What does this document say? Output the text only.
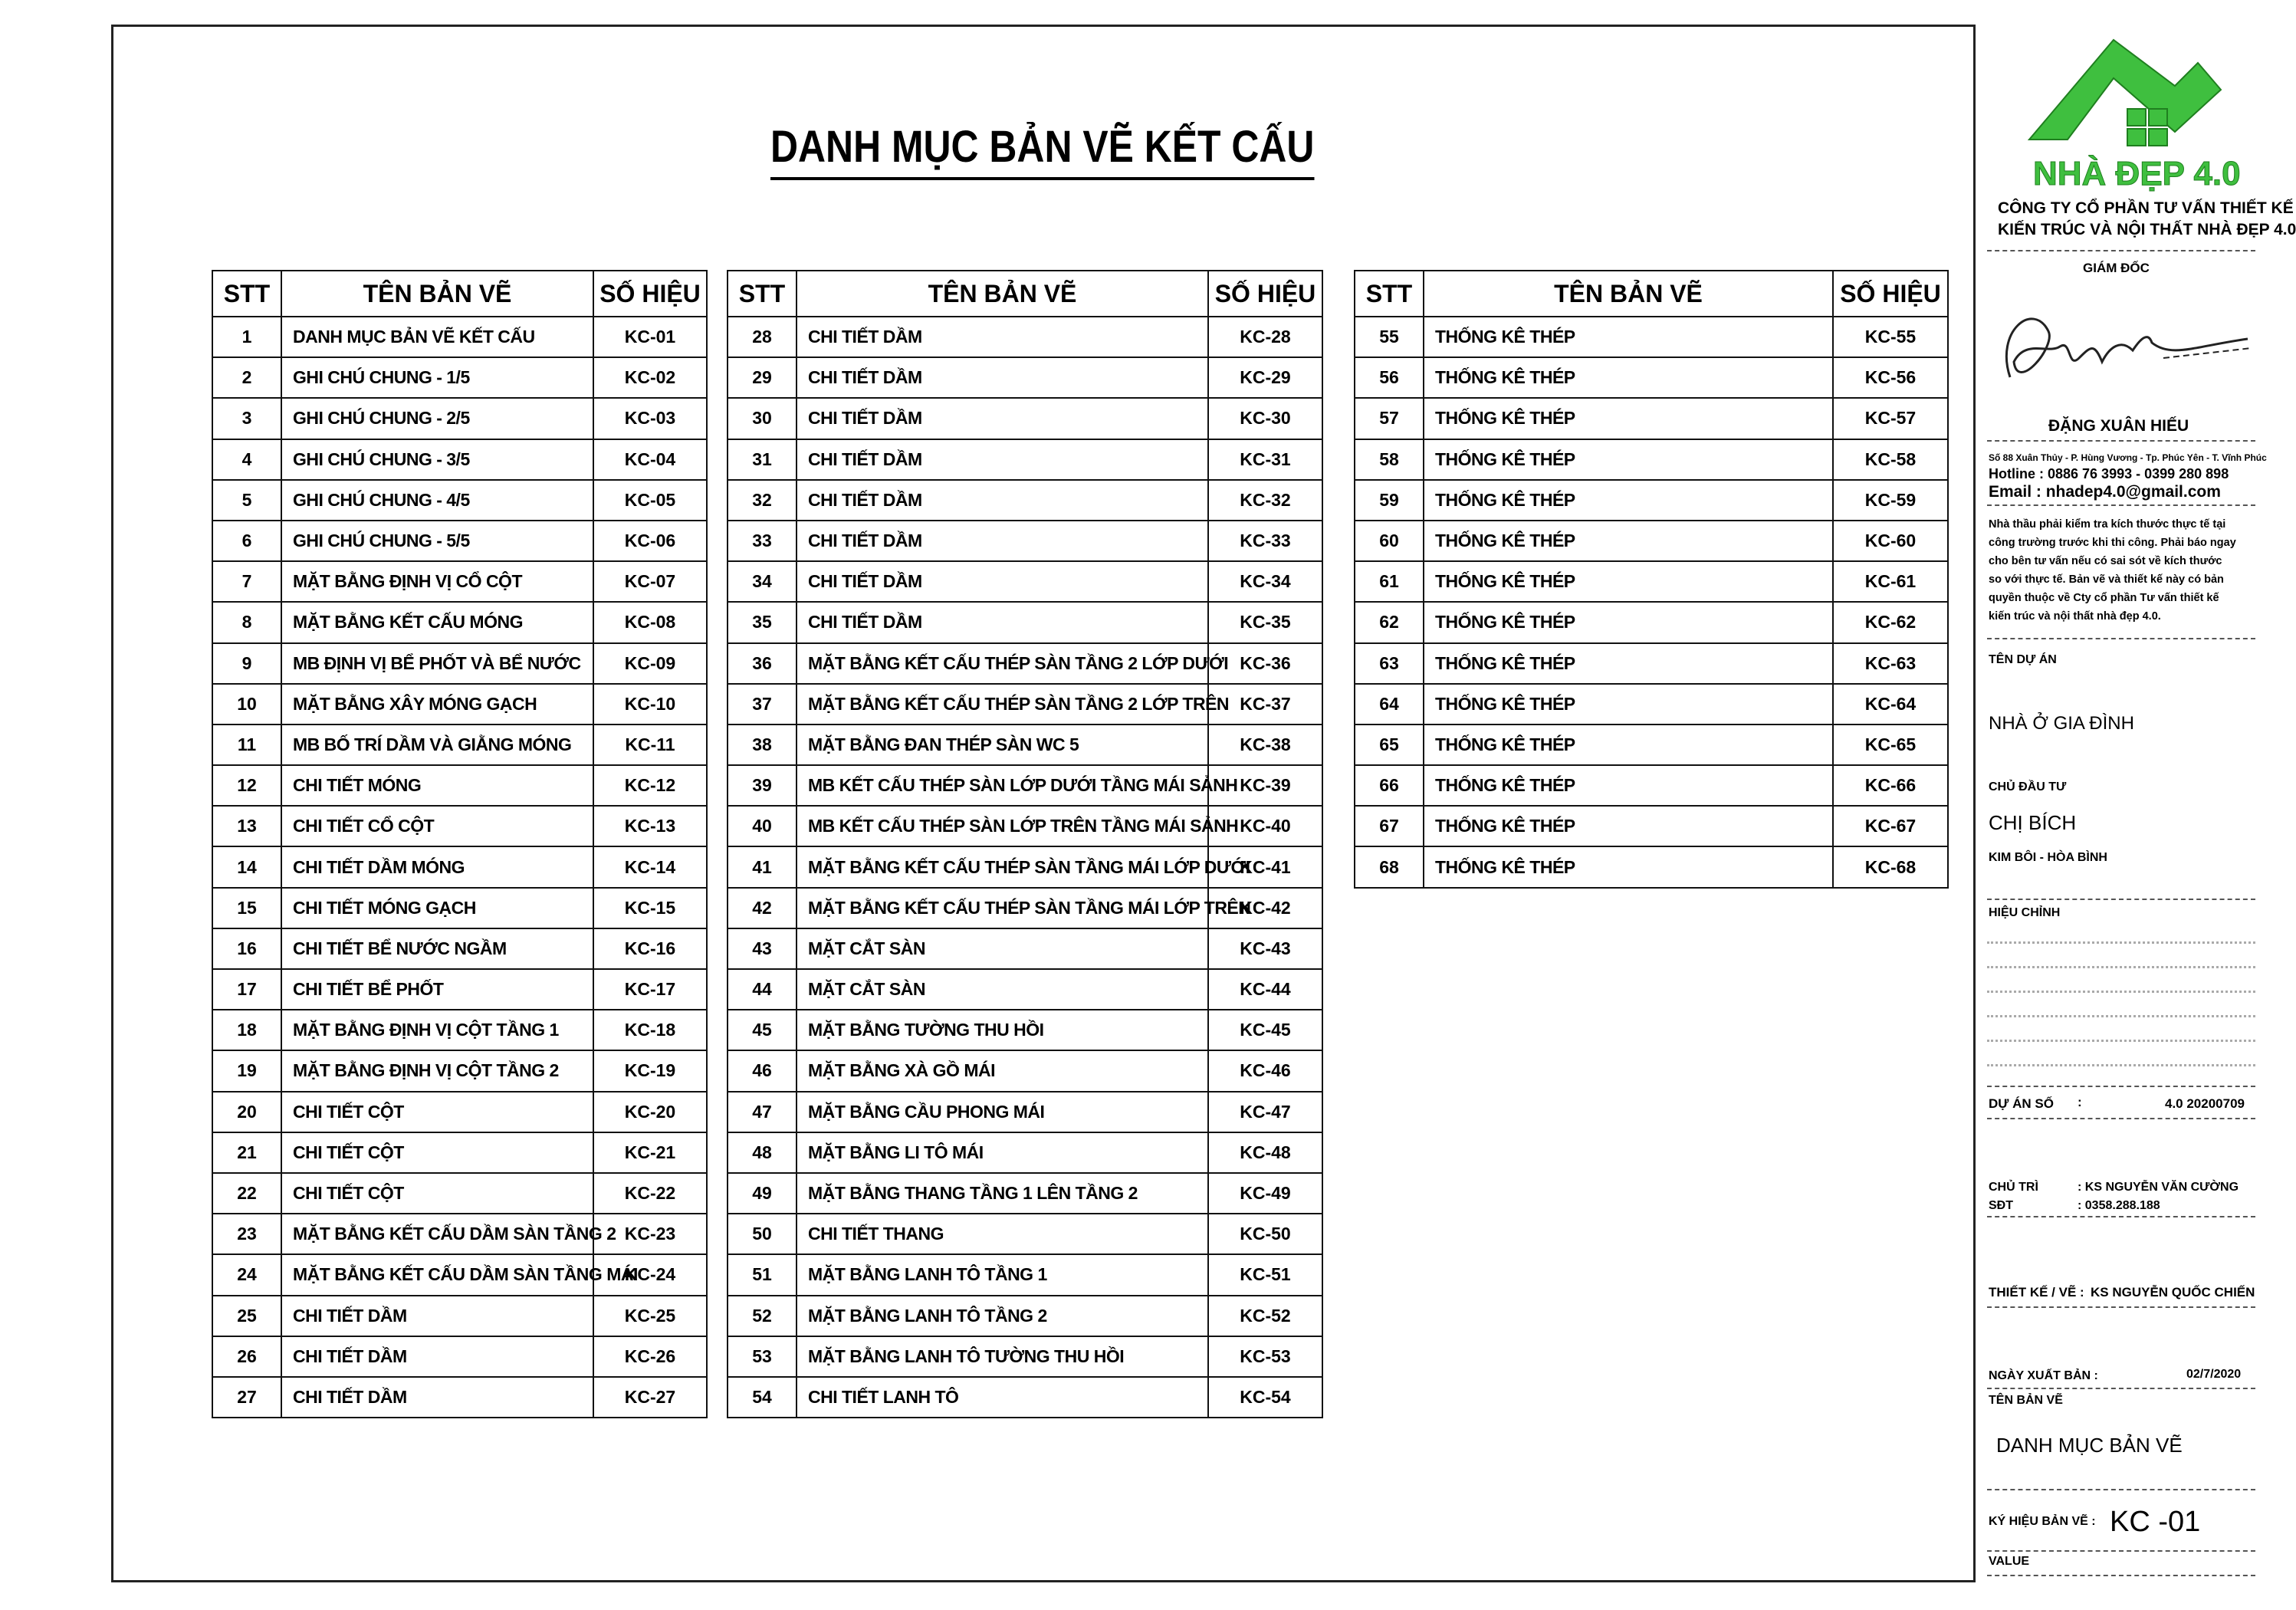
DANH MỤC BẢN VẼ KẾT CẤU
STT	TÊN BẢN VẼ	SỐ HIỆU
1	DANH MỤC BẢN VẼ KẾT CẤU	KC-01
2	GHI CHÚ CHUNG - 1/5	KC-02
3	GHI CHÚ CHUNG - 2/5	KC-03
4	GHI CHÚ CHUNG - 3/5	KC-04
5	GHI CHÚ CHUNG - 4/5	KC-05
6	GHI CHÚ CHUNG - 5/5	KC-06
7	MẶT BẰNG ĐỊNH VỊ CỔ CỘT	KC-07
8	MẶT BẰNG KẾT CẤU MÓNG	KC-08
9	MB ĐỊNH VỊ BỂ PHỐT VÀ BỂ NƯỚC	KC-09
10	MẶT BẰNG XÂY MÓNG GẠCH	KC-10
11	MB BỐ TRÍ DẦM VÀ GIẰNG MÓNG	KC-11
12	CHI TIẾT MÓNG	KC-12
13	CHI TIẾT CỔ CỘT	KC-13
14	CHI TIẾT DẦM MÓNG	KC-14
15	CHI TIẾT MÓNG GẠCH	KC-15
16	CHI TIẾT BỂ NƯỚC NGẦM	KC-16
17	CHI TIẾT BỂ PHỐT	KC-17
18	MẶT BẰNG ĐỊNH VỊ CỘT TẦNG 1	KC-18
19	MẶT BẰNG ĐỊNH VỊ CỘT TẦNG 2	KC-19
20	CHI TIẾT CỘT	KC-20
21	CHI TIẾT CỘT	KC-21
22	CHI TIẾT CỘT	KC-22
23	MẶT BẰNG KẾT CẤU DẦM SÀN TẦNG 2	KC-23
24	MẶT BẰNG KẾT CẤU DẦM SÀN TẦNG MÁI	KC-24
25	CHI TIẾT DẦM	KC-25
26	CHI TIẾT DẦM	KC-26
27	CHI TIẾT DẦM	KC-27
STT	TÊN BẢN VẼ	SỐ HIỆU
28	CHI TIẾT DẦM	KC-28
29	CHI TIẾT DẦM	KC-29
30	CHI TIẾT DẦM	KC-30
31	CHI TIẾT DẦM	KC-31
32	CHI TIẾT DẦM	KC-32
33	CHI TIẾT DẦM	KC-33
34	CHI TIẾT DẦM	KC-34
35	CHI TIẾT DẦM	KC-35
36	MẶT BẰNG KẾT CẤU THÉP SÀN TẦNG 2 LỚP DƯỚI	KC-36
37	MẶT BẰNG KẾT CẤU THÉP SÀN TẦNG 2 LỚP TRÊN	KC-37
38	MẶT BẰNG ĐAN THÉP SÀN WC 5	KC-38
39	MB KẾT CẤU THÉP SÀN LỚP DƯỚI TẦNG MÁI SẢNH	KC-39
40	MB KẾT CẤU THÉP SÀN LỚP TRÊN TẦNG MÁI SẢNH	KC-40
41	MẶT BẰNG KẾT CẤU THÉP SÀN TẦNG MÁI LỚP DƯỚI	KC-41
42	MẶT BẰNG KẾT CẤU THÉP SÀN TẦNG MÁI LỚP TRÊN	KC-42
43	MẶT CẮT SÀN	KC-43
44	MẶT CẮT SÀN	KC-44
45	MẶT BẰNG TƯỜNG THU HỒI	KC-45
46	MẶT BẰNG XÀ GỒ MÁI	KC-46
47	MẶT BẰNG CẦU PHONG MÁI	KC-47
48	MẶT BẰNG LI TÔ MÁI	KC-48
49	MẶT BẰNG THANG TẦNG 1 LÊN TẦNG 2	KC-49
50	CHI TIẾT THANG	KC-50
51	MẶT BẰNG LANH TÔ TẦNG 1	KC-51
52	MẶT BẰNG LANH TÔ TẦNG 2	KC-52
53	MẶT BẰNG LANH TÔ TƯỜNG THU HỒI	KC-53
54	CHI TIẾT LANH TÔ	KC-54
STT	TÊN BẢN VẼ	SỐ HIỆU
55	THỐNG KÊ THÉP	KC-55
56	THỐNG KÊ THÉP	KC-56
57	THỐNG KÊ THÉP	KC-57
58	THỐNG KÊ THÉP	KC-58
59	THỐNG KÊ THÉP	KC-59
60	THỐNG KÊ THÉP	KC-60
61	THỐNG KÊ THÉP	KC-61
62	THỐNG KÊ THÉP	KC-62
63	THỐNG KÊ THÉP	KC-63
64	THỐNG KÊ THÉP	KC-64
65	THỐNG KÊ THÉP	KC-65
66	THỐNG KÊ THÉP	KC-66
67	THỐNG KÊ THÉP	KC-67
68	THỐNG KÊ THÉP	KC-68
NHÀ ĐẸP 4.0
CÔNG TY CỔ PHẦN TƯ VẤN THIẾT KẾ
KIẾN TRÚC VÀ NỘI THẤT NHÀ ĐẸP 4.0
GIÁM ĐỐC
ĐẶNG XUÂN HIẾU
Số 88 Xuân Thủy - P. Hùng Vương - Tp. Phúc Yên - T. Vĩnh Phúc
Hotline : 0886 76 3993 - 0399 280 898
Email : nhadep4.0@gmail.com
Nhà thầu phải kiểm tra kích thước thực tế tại
công trường trước khi thi công. Phải báo ngay
cho bên tư vấn nếu có sai sót về kích thước
so với thực tế. Bản vẽ và thiết kế này có bản
quyền thuộc về Cty cổ phần Tư vấn thiết kế
kiến trúc và nội thất nhà đẹp 4.0.
TÊN DỰ ÁN
NHÀ Ở GIA ĐÌNH
CHỦ ĐẦU TƯ
CHỊ BÍCH
KIM BÔI - HÒA BÌNH
HIỆU CHỈNH
DỰ ÁN SỐ :	4.0 20200709
CHỦ TRÌ	: KS NGUYỄN VĂN CƯỜNG
SĐT	: 0358.288.188
THIẾT KẾ / VẼ : KS NGUYỄN QUỐC CHIẾN
NGÀY XUẤT BẢN :	02/7/2020
TÊN BẢN VẼ
DANH MỤC BẢN VẼ
KÝ HIỆU BẢN VẼ : KC -01
VALUE
